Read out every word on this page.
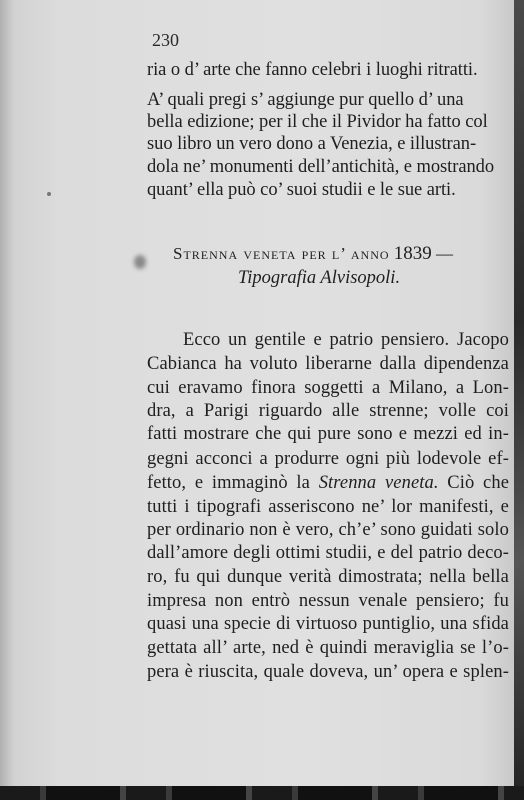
230
ria o d’ arte che fanno celebri i luoghi ritratti.
A’ quali pregi s’ aggiunge pur quello d’ una
bella edizione; per il che il Pividor ha fatto col
suo libro un vero dono a Venezia, e illustran-
dola ne’ monumenti dell’antichità, e mostrando
quant’ ella può co’ suoi studii e le sue arti.
Strenna veneta per l’ anno 1839 —
Tipografia Alvisopoli.
Ecco un gentile e patrio pensiero. Jacopo
Cabianca ha voluto liberarne dalla dipendenza
cui eravamo finora soggetti a Milano, a Lon-
dra, a Parigi riguardo alle strenne; volle coi
fatti mostrare che qui pure sono e mezzi ed in-
gegni acconci a produrre ogni più lodevole ef-
fetto, e immaginò la Strenna veneta. Ciò che
tutti i tipografi asseriscono ne’ lor manifesti, e
per ordinario non è vero, ch’e’ sono guidati solo
dall’amore degli ottimi studii, e del patrio deco-
ro, fu qui dunque verità dimostrata; nella bella
impresa non entrò nessun venale pensiero; fu
quasi una specie di virtuoso puntiglio, una sfida
gettata all’ arte, ned è quindi meraviglia se l’o-
pera è riuscita, quale doveva, un’ opera e splen-
